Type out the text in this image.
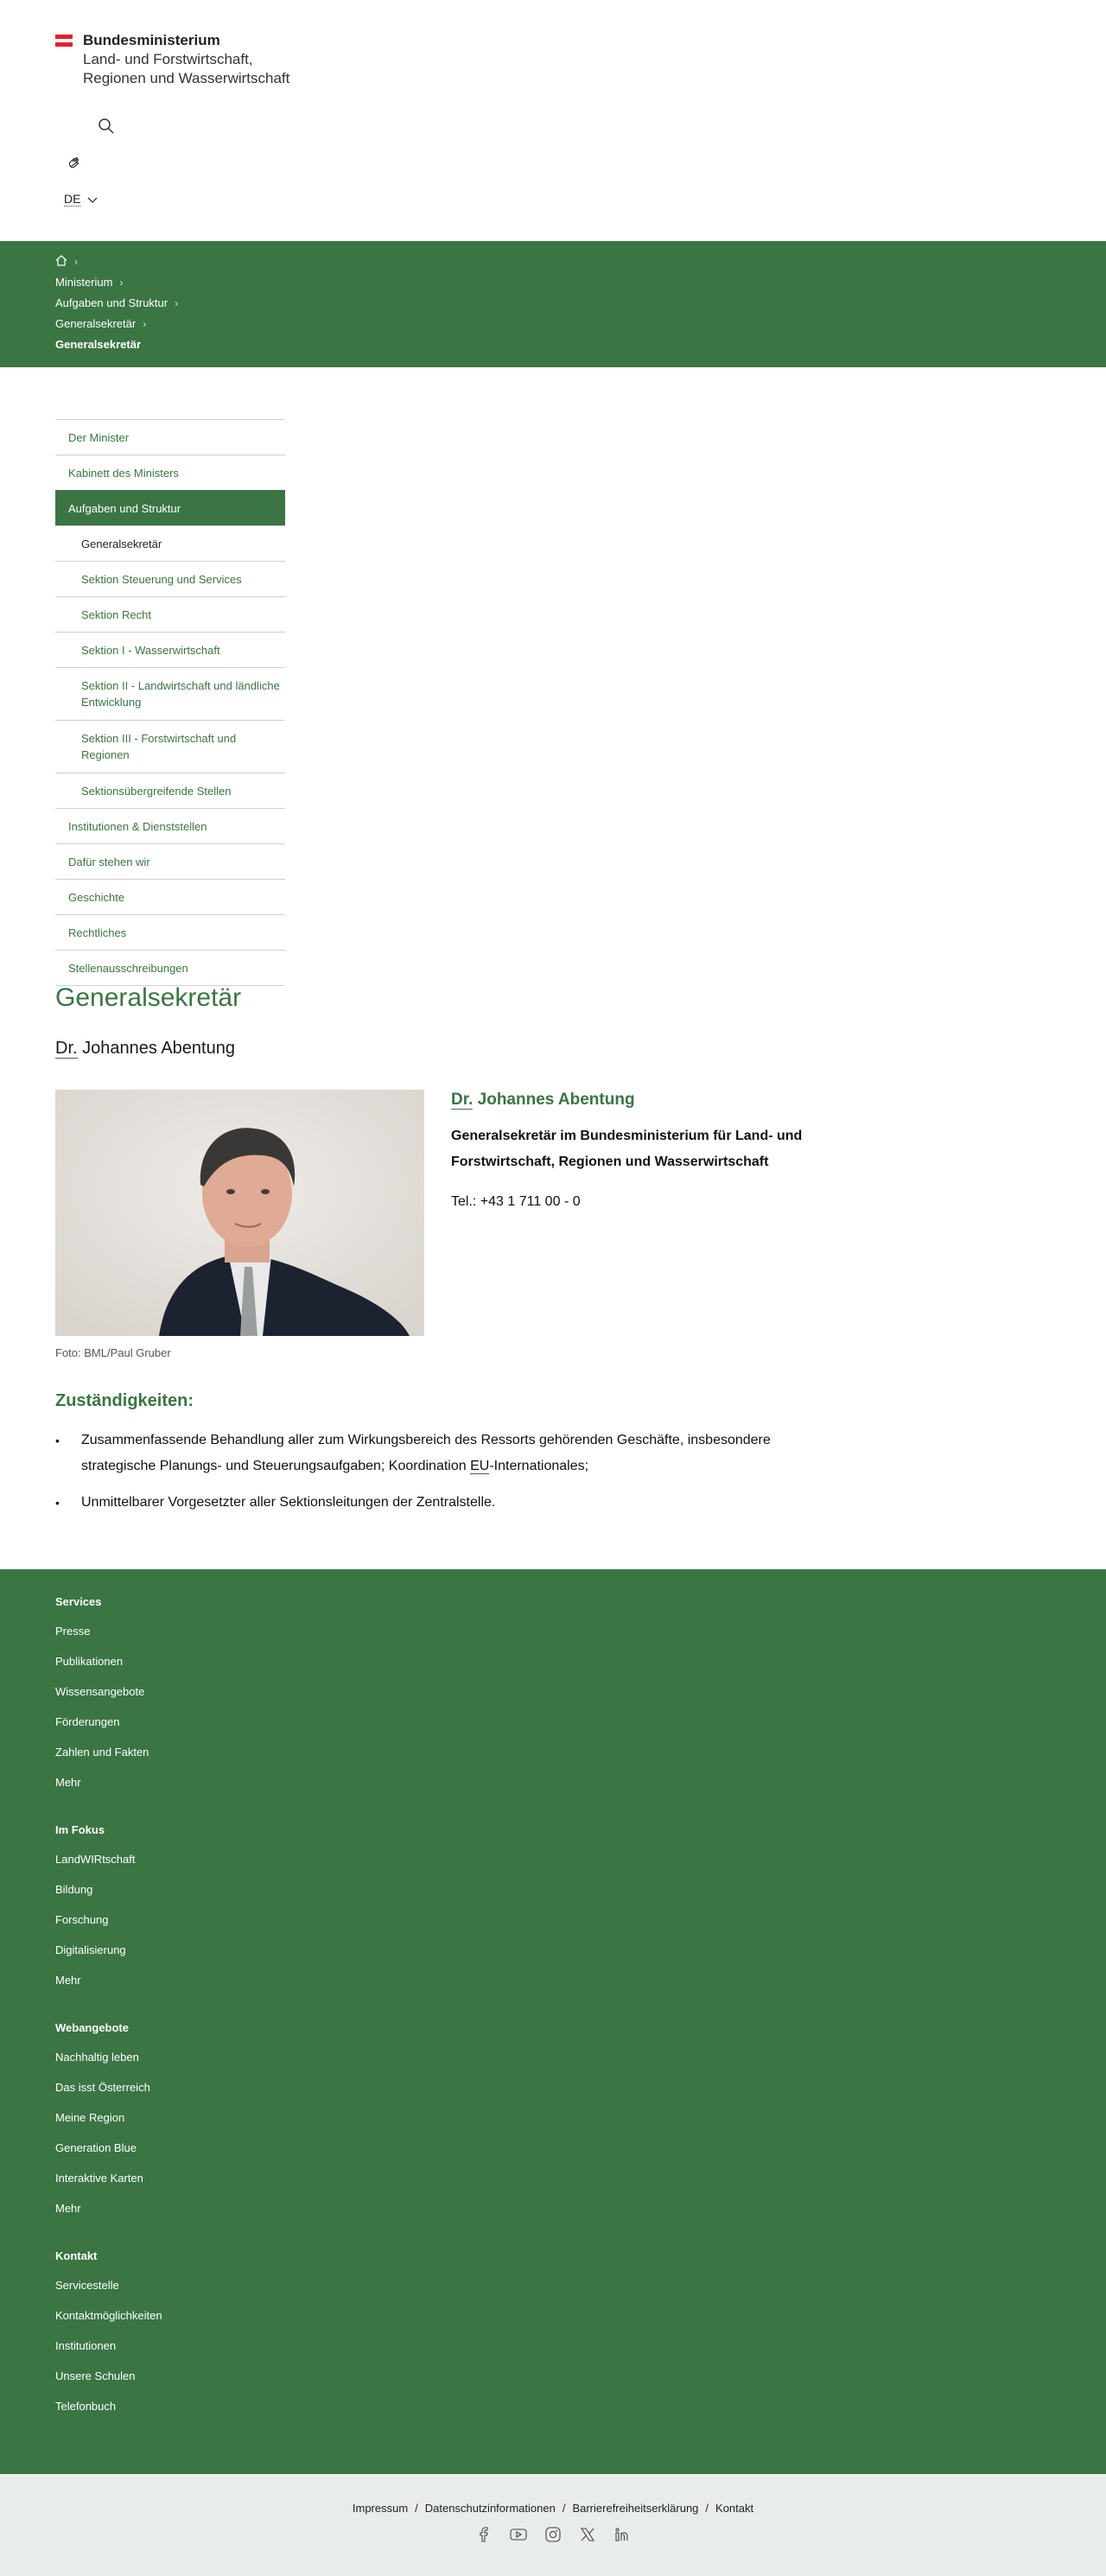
Bundesministerium
Land- und Forstwirtschaft,
Regionen und Wasserwirtschaft
DE
›
Ministerium ›
Aufgaben und Struktur ›
Generalsekretär ›
Generalsekretär
Der Minister
Kabinett des Ministers
Aufgaben und Struktur
Generalsekretär
Sektion Steuerung und Services
Sektion Recht
Sektion I - Wasserwirtschaft
Sektion II - Landwirtschaft und ländliche Entwicklung
Sektion III - Forstwirtschaft und Regionen
Sektionsübergreifende Stellen
Institutionen & Dienststellen
Dafür stehen wir
Geschichte
Rechtliches
Stellenausschreibungen
Generalsekretär
Dr. Johannes Abentung
Foto: BML/Paul Gruber
Dr. Johannes Abentung
Generalsekretär im Bundesministerium für Land- und Forstwirtschaft, Regionen und Wasserwirtschaft
Tel.: +43 1 711 00 - 0
Zuständigkeiten:
• Zusammenfassende Behandlung aller zum Wirkungsbereich des Ressorts gehörenden Geschäfte, insbesondere strategische Planungs- und Steuerungsaufgaben; Koordination EU-Internationales;
• Unmittelbarer Vorgesetzter aller Sektionsleitungen der Zentralstelle.
Services
Presse
Publikationen
Wissensangebote
Förderungen
Zahlen und Fakten
Mehr
Im Fokus
LandWIRtschaft
Bildung
Forschung
Digitalisierung
Mehr
Webangebote
Nachhaltig leben
Das isst Österreich
Meine Region
Generation Blue
Interaktive Karten
Mehr
Kontakt
Servicestelle
Kontaktmöglichkeiten
Institutionen
Unsere Schulen
Telefonbuch
Impressum / Datenschutzinformationen / Barrierefreiheitserklärung / Kontakt
